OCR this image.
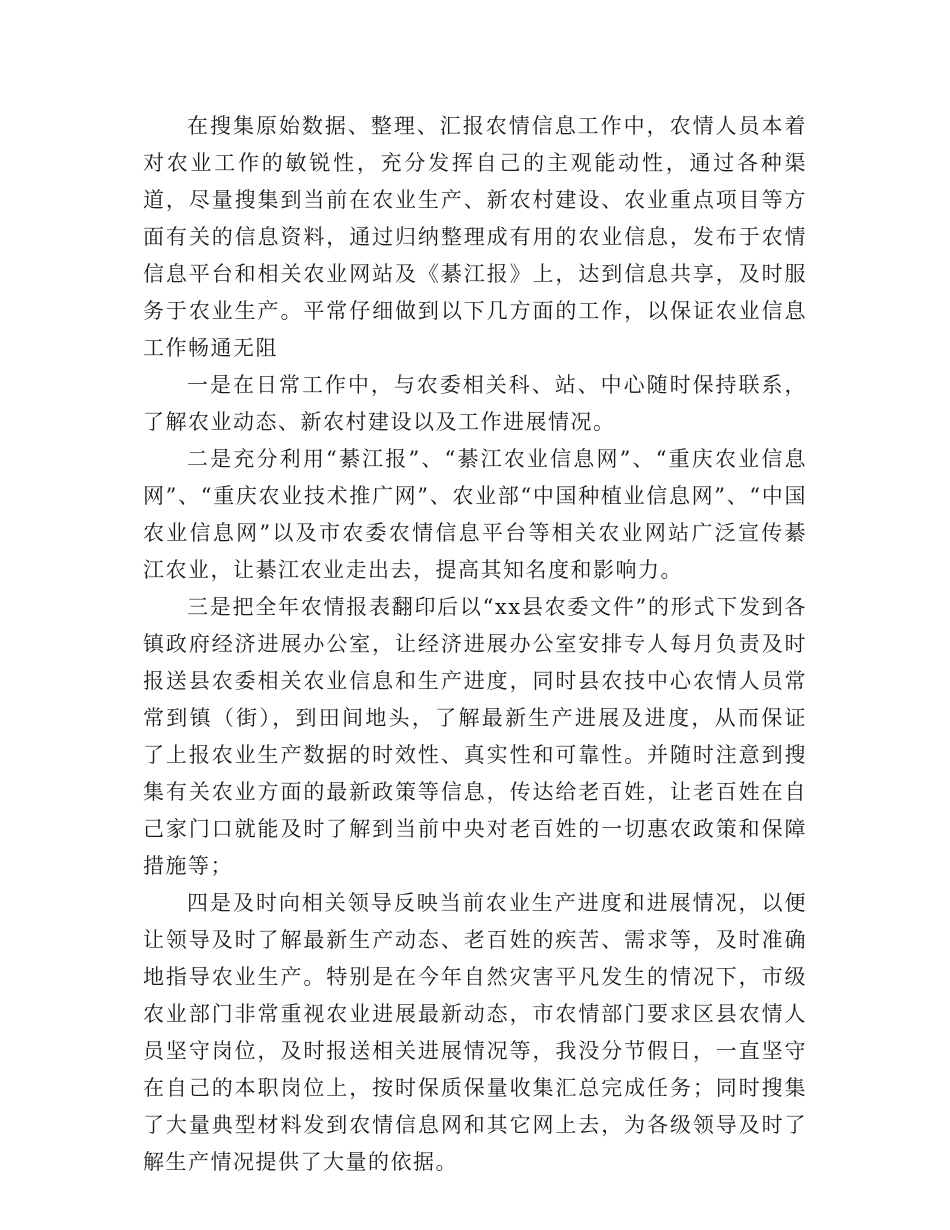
在搜集原始数据、整理、汇报农情信息工作中，农情人员本着对农业工作的敏锐性，充分发挥自己的主观能动性，通过各种渠道，尽量搜集到当前在农业生产、新农村建设、农业重点项目等方面有关的信息资料，通过归纳整理成有用的农业信息，发布于农情信息平台和相关农业网站及《綦江报》上，达到信息共享，及时服务于农业生产。平常仔细做到以下几方面的工作，以保证农业信息工作畅通无阻

一是在日常工作中，与农委相关科、站、中心随时保持联系，了解农业动态、新农村建设以及工作进展情况。

二是充分利用“綦江报”、“綦江农业信息网”、“重庆农业信息网”、“重庆农业技术推广网”、农业部“中国种植业信息网”、“中国农业信息网”以及市农委农情信息平台等相关农业网站广泛宣传綦江农业，让綦江农业走出去，提高其知名度和影响力。

三是把全年农情报表翻印后以“xx县农委文件”的形式下发到各镇政府经济进展办公室，让经济进展办公室安排专人每月负责及时报送县农委相关农业信息和生产进度，同时县农技中心农情人员常常到镇（街），到田间地头，了解最新生产进展及进度，从而保证了上报农业生产数据的时效性、真实性和可靠性。并随时注意到搜集有关农业方面的最新政策等信息，传达给老百姓，让老百姓在自己家门口就能及时了解到当前中央对老百姓的一切惠农政策和保障措施等；

四是及时向相关领导反映当前农业生产进度和进展情况，以便让领导及时了解最新生产动态、老百姓的疾苦、需求等，及时准确地指导农业生产。特别是在今年自然灾害平凡发生的情况下，市级农业部门非常重视农业进展最新动态，市农情部门要求区县农情人员坚守岗位，及时报送相关进展情况等，我没分节假日，一直坚守在自己的本职岗位上，按时保质保量收集汇总完成任务；同时搜集了大量典型材料发到农情信息网和其它网上去，为各级领导及时了解生产情况提供了大量的依据。
